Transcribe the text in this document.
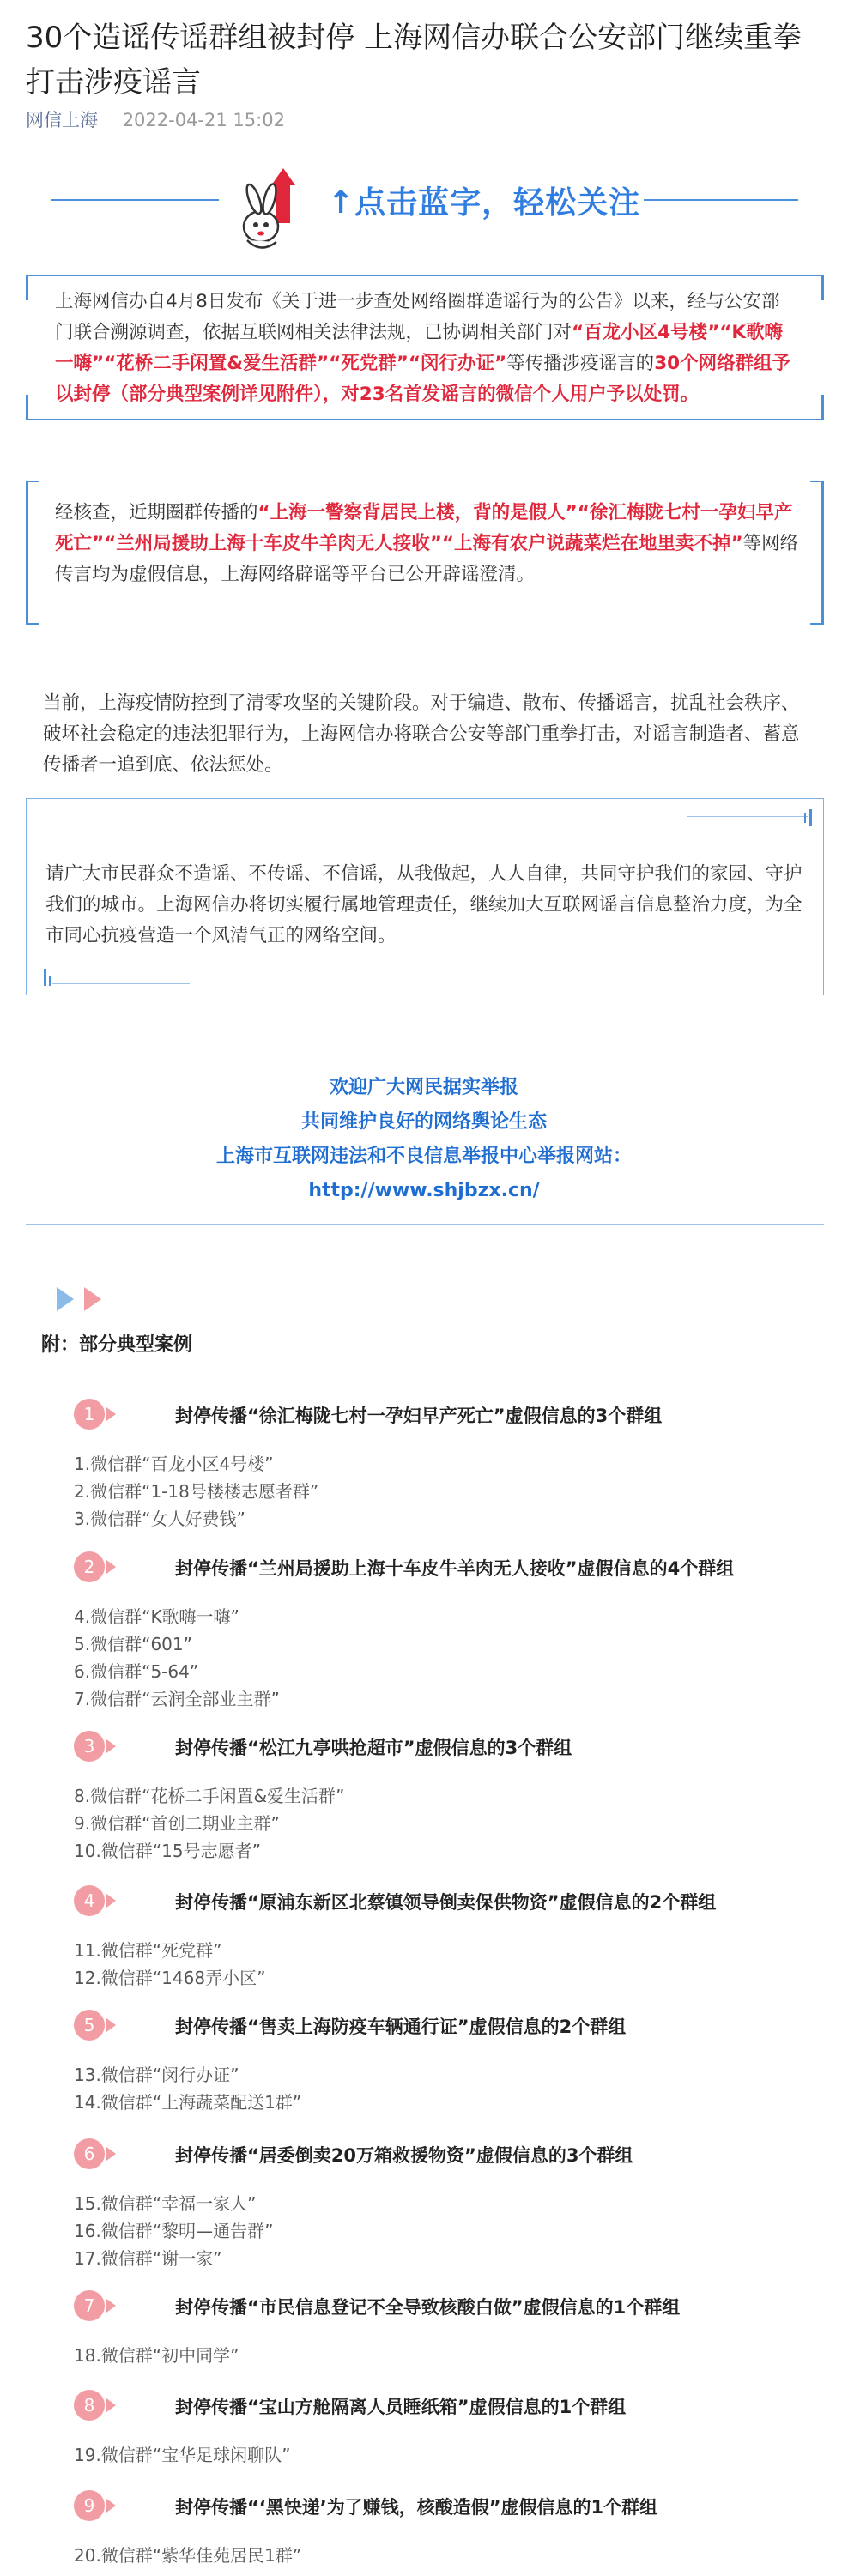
30个造谣传谣群组被封停 上海网信办联合公安部门继续重拳打击涉疫谣言
网信上海 2022-04-21 15:02
↑点击蓝字，轻松关注

上海网信办自4月8日发布《关于进一步查处网络圈群造谣行为的公告》以来，经与公安部门联合溯源调查，依据互联网相关法律法规，已协调相关部门对“百龙小区4号楼”“K歌嗨一嗨”“花桥二手闲置&爱生活群”“死党群”“闵行办证”等传播涉疫谣言的30个网络群组予以封停（部分典型案例详见附件），对23名首发谣言的微信个人用户予以处罚。

经核查，近期圈群传播的“上海一警察背居民上楼，背的是假人”“徐汇梅陇七村一孕妇早产死亡”“兰州局援助上海十车皮牛羊肉无人接收”“上海有农户说蔬菜烂在地里卖不掉”等网络传言均为虚假信息，上海网络辟谣等平台已公开辟谣澄清。

当前，上海疫情防控到了清零攻坚的关键阶段。对于编造、散布、传播谣言，扰乱社会秩序、破坏社会稳定的违法犯罪行为，上海网信办将联合公安等部门重拳打击，对谣言制造者、蓄意传播者一追到底、依法惩处。

请广大市民群众不造谣、不传谣、不信谣，从我做起，人人自律，共同守护我们的家园、守护我们的城市。上海网信办将切实履行属地管理责任，继续加大互联网谣言信息整治力度，为全市同心抗疫营造一个风清气正的网络空间。

欢迎广大网民据实举报
共同维护良好的网络舆论生态
上海市互联网违法和不良信息举报中心举报网站：
http://www.shjbzx.cn/
附：部分典型案例
1	封停传播“徐汇梅陇七村一孕妇早产死亡”虚假信息的3个群组
1.微信群“百龙小区4号楼”
2.微信群“1-18号楼楼志愿者群”
3.微信群“女人好费钱”
2	封停传播“兰州局援助上海十车皮牛羊肉无人接收”虚假信息的4个群组
4.微信群“K歌嗨一嗨”
5.微信群“601”
6.微信群“5-64”
7.微信群“云润全部业主群”
3	封停传播“松江九亭哄抢超市”虚假信息的3个群组
8.微信群“花桥二手闲置&爱生活群”
9.微信群“首创二期业主群”
10.微信群“15号志愿者”
4	封停传播“原浦东新区北蔡镇领导倒卖保供物资”虚假信息的2个群组
11.微信群“死党群”
12.微信群“1468弄小区”
5	封停传播“售卖上海防疫车辆通行证”虚假信息的2个群组
13.微信群“闵行办证”
14.微信群“上海蔬菜配送1群”
6	封停传播“居委倒卖20万箱救援物资”虚假信息的3个群组
15.微信群“幸福一家人”
16.微信群“黎明—通告群”
17.微信群“谢一家”
7	封停传播“市民信息登记不全导致核酸白做”虚假信息的1个群组
18.微信群“初中同学”
8	封停传播“宝山方舱隔离人员睡纸箱”虚假信息的1个群组
19.微信群“宝华足球闲聊队”
9	封停传播“‘黑快递’为了赚钱，核酸造假”虚假信息的1个群组
20.微信群“紫华佳苑居民1群”
